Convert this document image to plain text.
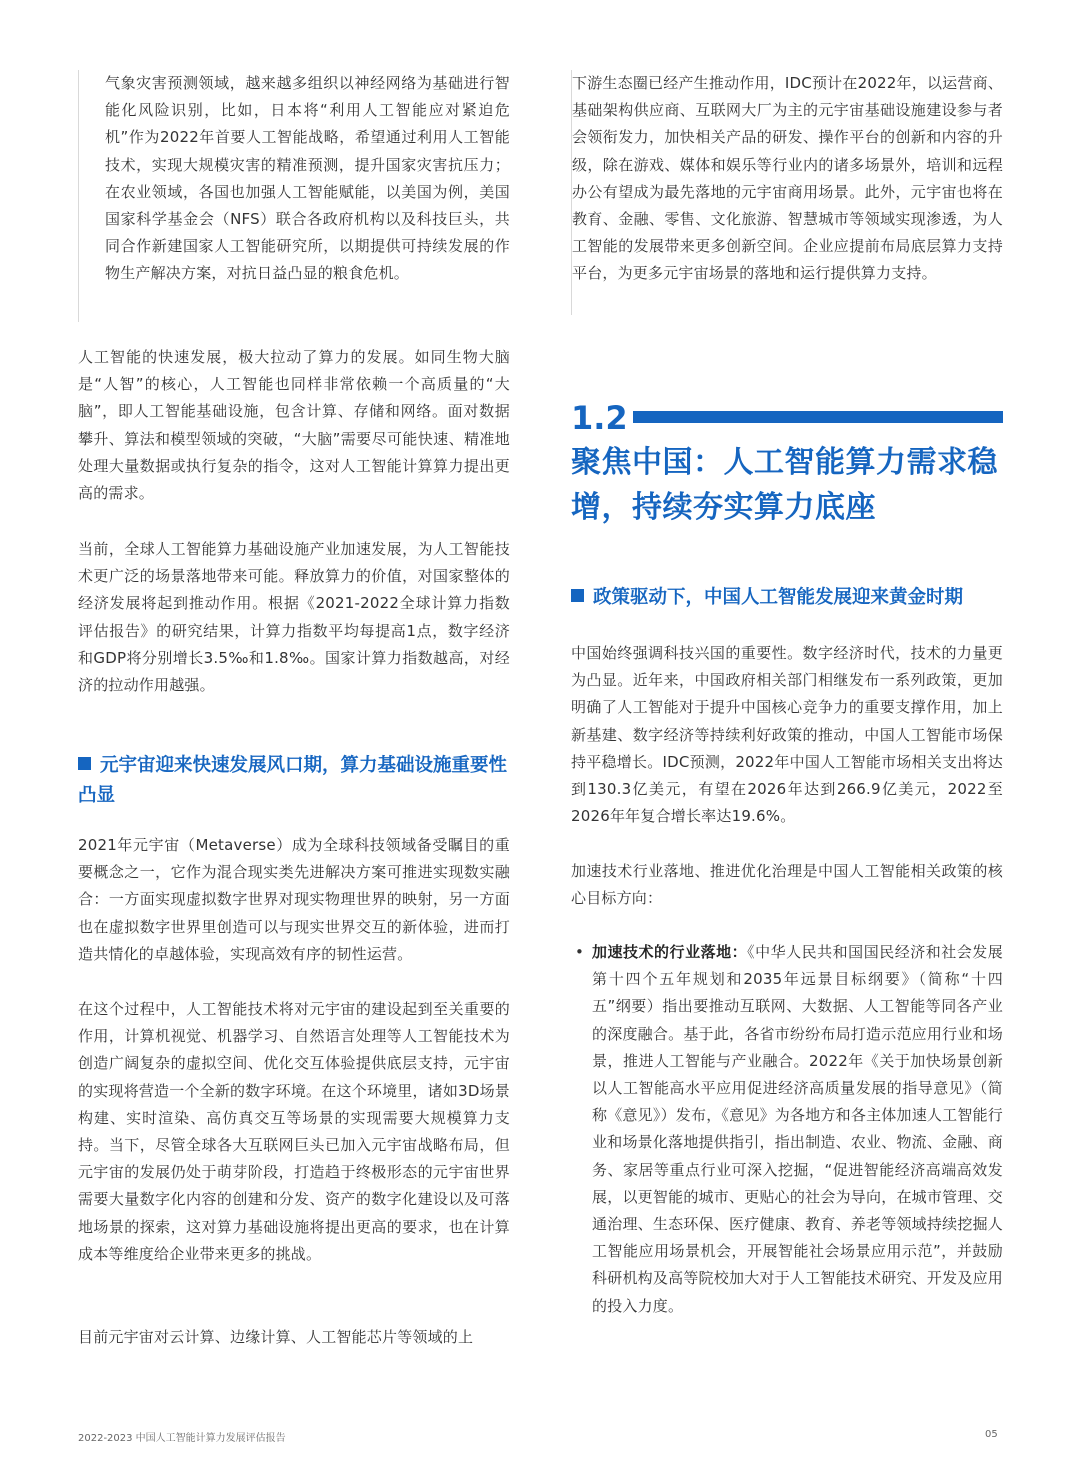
气象灾害预测领域，越来越多组织以神经网络为基础进行智能化风险识别，比如，日本将“利用人工智能应对紧迫危机”作为2022年首要人工智能战略，希望通过利用人工智能技术，实现大规模灾害的精准预测，提升国家灾害抗压力；在农业领域，各国也加强人工智能赋能，以美国为例，美国国家科学基金会（NFS）联合各政府机构以及科技巨头，共同合作新建国家人工智能研究所，以期提供可持续发展的作物生产解决方案，对抗日益凸显的粮食危机。

人工智能的快速发展，极大拉动了算力的发展。如同生物大脑是“人智”的核心，人工智能也同样非常依赖一个高质量的“大脑”，即人工智能基础设施，包含计算、存储和网络。面对数据攀升、算法和模型领域的突破，“大脑”需要尽可能快速、精准地处理大量数据或执行复杂的指令，这对人工智能计算算力提出更高的需求。

当前，全球人工智能算力基础设施产业加速发展，为人工智能技术更广泛的场景落地带来可能。释放算力的价值，对国家整体的经济发展将起到推动作用。根据《2021-2022全球计算力指数评估报告》的研究结果，计算力指数平均每提高1点，数字经济和GDP将分别增长3.5‰和1.8‰。国家计算力指数越高，对经济的拉动作用越强。

元宇宙迎来快速发展风口期，算力基础设施重要性凸显

2021年元宇宙（Metaverse）成为全球科技领域备受瞩目的重要概念之一，它作为混合现实类先进解决方案可推进实现数实融合：一方面实现虚拟数字世界对现实物理世界的映射，另一方面也在虚拟数字世界里创造可以与现实世界交互的新体验，进而打造共情化的卓越体验，实现高效有序的韧性运营。

在这个过程中，人工智能技术将对元宇宙的建设起到至关重要的作用，计算机视觉、机器学习、自然语言处理等人工智能技术为创造广阔复杂的虚拟空间、优化交互体验提供底层支持，元宇宙的实现将营造一个全新的数字环境。在这个环境里，诸如3D场景构建、实时渲染、高仿真交互等场景的实现需要大规模算力支持。当下，尽管全球各大互联网巨头已加入元宇宙战略布局，但元宇宙的发展仍处于萌芽阶段，打造趋于终极形态的元宇宙世界需要大量数字化内容的创建和分发、资产的数字化建设以及可落地场景的探索，这对算力基础设施将提出更高的要求，也在计算成本等维度给企业带来更多的挑战。

目前元宇宙对云计算、边缘计算、人工智能芯片等领域的上

下游生态圈已经产生推动作用，IDC预计在2022年，以运营商、基础架构供应商、互联网大厂为主的元宇宙基础设施建设参与者会领衔发力，加快相关产品的研发、操作平台的创新和内容的升级，除在游戏、媒体和娱乐等行业内的诸多场景外，培训和远程办公有望成为最先落地的元宇宙商用场景。此外，元宇宙也将在教育、金融、零售、文化旅游、智慧城市等领域实现渗透，为人工智能的发展带来更多创新空间。企业应提前布局底层算力支持平台，为更多元宇宙场景的落地和运行提供算力支持。

1.2
聚焦中国：人工智能算力需求稳增，持续夯实算力底座
政策驱动下，中国人工智能发展迎来黄金时期

中国始终强调科技兴国的重要性。数字经济时代，技术的力量更为凸显。近年来，中国政府相关部门相继发布一系列政策，更加明确了人工智能对于提升中国核心竞争力的重要支撑作用，加上新基建、数字经济等持续利好政策的推动，中国人工智能市场保持平稳增长。IDC预测，2022年中国人工智能市场相关支出将达到130.3亿美元，有望在2026年达到266.9亿美元，2022至2026年年复合增长率达19.6%。

加速技术行业落地、推进优化治理是中国人工智能相关政策的核心目标方向：

• 加速技术的行业落地：《中华人民共和国国民经济和社会发展第十四个五年规划和2035年远景目标纲要》（简称“十四五”纲要）指出要推动互联网、大数据、人工智能等同各产业的深度融合。基于此，各省市纷纷布局打造示范应用行业和场景，推进人工智能与产业融合。2022年《关于加快场景创新以人工智能高水平应用促进经济高质量发展的指导意见》（简称《意见》）发布，《意见》为各地方和各主体加速人工智能行业和场景化落地提供指引，指出制造、农业、物流、金融、商务、家居等重点行业可深入挖掘，“促进智能经济高端高效发展，以更智能的城市、更贴心的社会为导向，在城市管理、交通治理、生态环保、医疗健康、教育、养老等领域持续挖掘人工智能应用场景机会，开展智能社会场景应用示范”，并鼓励科研机构及高等院校加大对于人工智能技术研究、开发及应用的投入力度。

2022-2023 中国人工智能计算力发展评估报告	05
